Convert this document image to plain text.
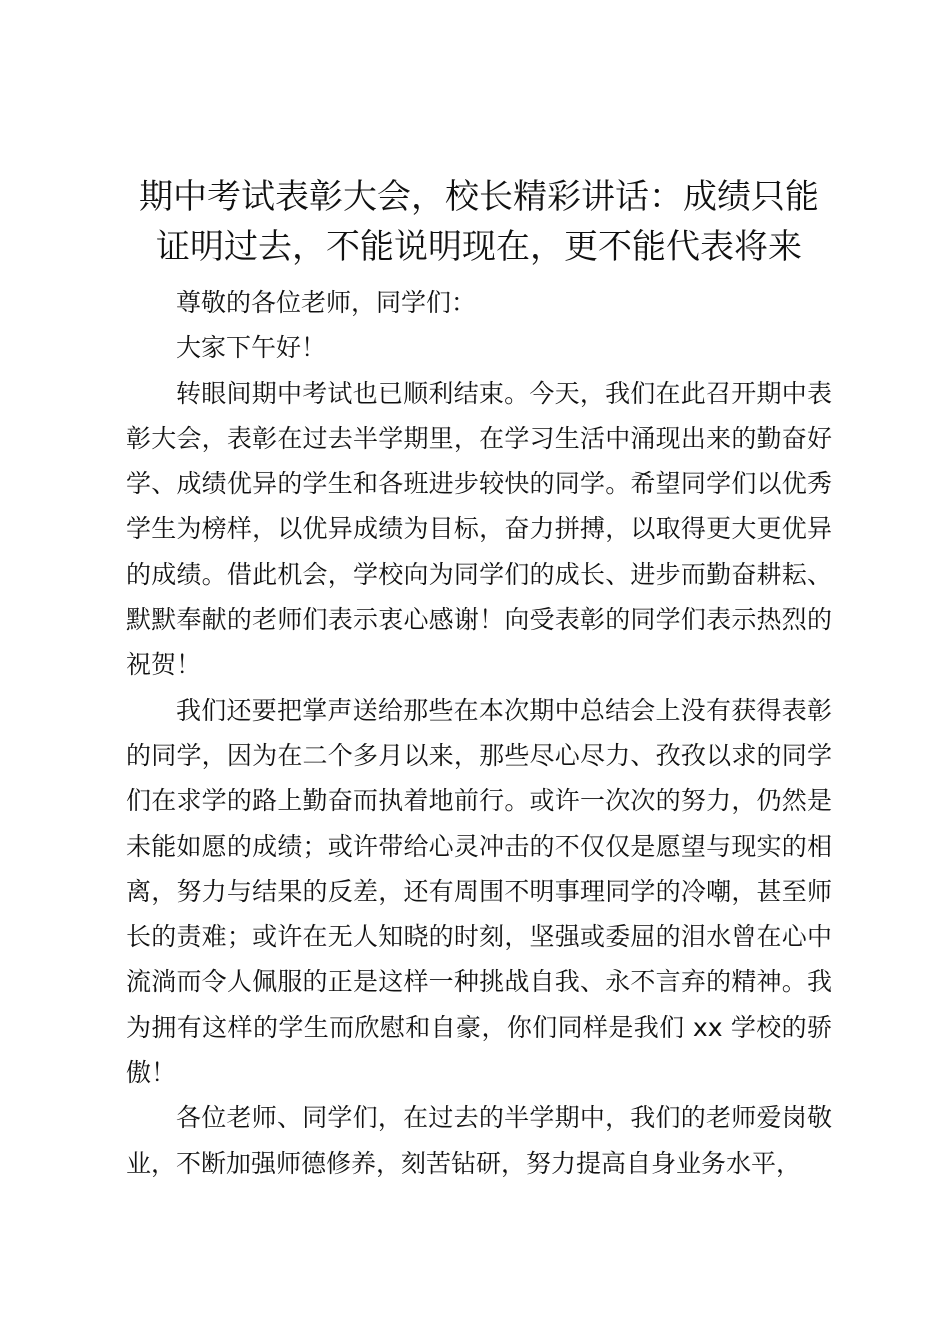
期中考试表彰大会，校长精彩讲话：成绩只能
证明过去，不能说明现在，更不能代表将来

尊敬的各位老师，同学们：

大家下午好！

转眼间期中考试也已顺利结束。今天，我们在此召开期中表彰大会，表彰在过去半学期里，在学习生活中涌现出来的勤奋好学、成绩优异的学生和各班进步较快的同学。希望同学们以优秀学生为榜样，以优异成绩为目标，奋力拼搏，以取得更大更优异的成绩。借此机会，学校向为同学们的成长、进步而勤奋耕耘、默默奉献的老师们表示衷心感谢！向受表彰的同学们表示热烈的祝贺！

我们还要把掌声送给那些在本次期中总结会上没有获得表彰的同学，因为在二个多月以来，那些尽心尽力、孜孜以求的同学们在求学的路上勤奋而执着地前行。或许一次次的努力，仍然是未能如愿的成绩；或许带给心灵冲击的不仅仅是愿望与现实的相离，努力与结果的反差，还有周围不明事理同学的冷嘲，甚至师长的责难；或许在无人知晓的时刻，坚强或委屈的泪水曾在心中流淌而令人佩服的正是这样一种挑战自我、永不言弃的精神。我为拥有这样的学生而欣慰和自豪，你们同样是我们 xx 学校的骄傲！

各位老师、同学们，在过去的半学期中，我们的老师爱岗敬业，不断加强师德修养，刻苦钻研，努力提高自身业务水平，
